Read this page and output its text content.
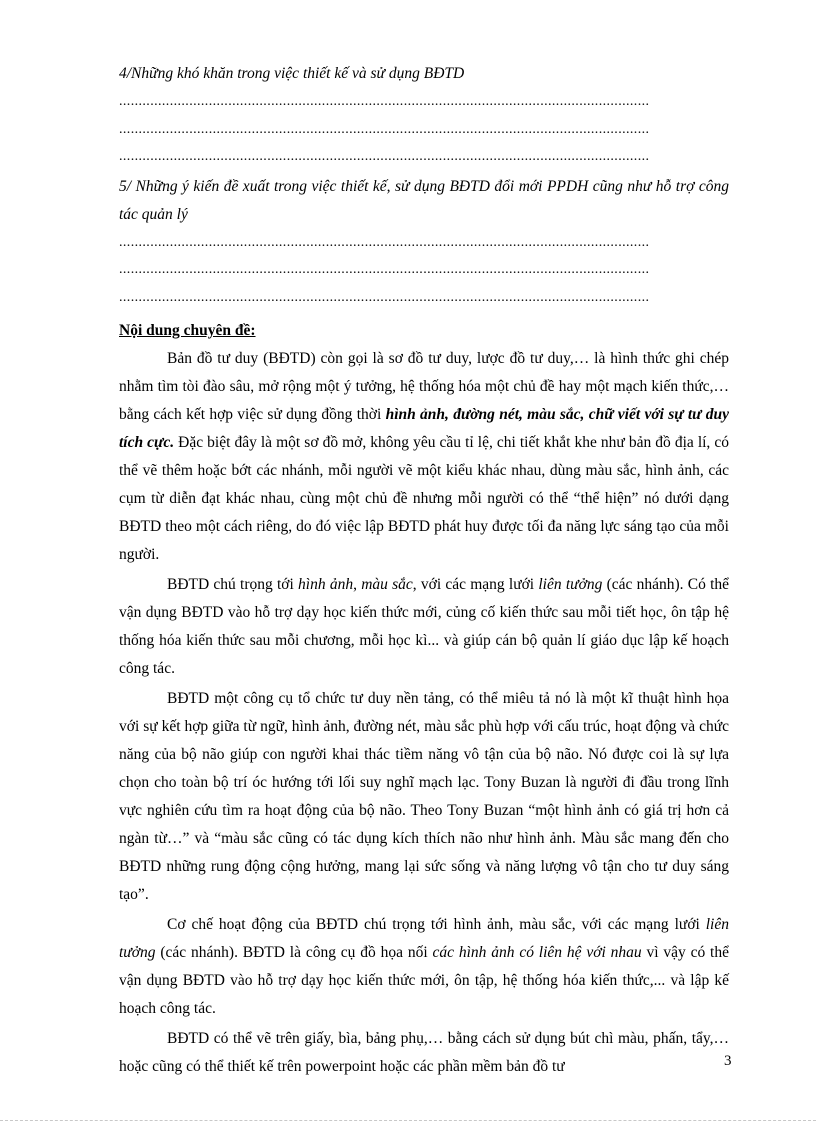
4/Những khó khăn trong việc thiết kế và sử dụng BĐTD

........................................................................................................................................
........................................................................................................................................
........................................................................................................................................

5/ Những ý kiến đề xuất trong việc thiết kế, sử dụng BĐTD đổi mới PPDH cũng như hỗ trợ công tác quản lý

........................................................................................................................................
........................................................................................................................................
........................................................................................................................................
Nội dung chuyên đề:

Bản đồ tư duy (BĐTD) còn gọi là sơ đồ tư duy, lược đồ tư duy,… là hình thức ghi chép nhằm tìm tòi đào sâu, mở rộng một ý tưởng, hệ thống hóa một chủ đề hay một mạch kiến thức,… bằng cách kết hợp việc sử dụng đồng thời hình ảnh, đường nét, màu sắc, chữ viết với sự tư duy tích cực. Đặc biệt đây là một sơ đồ mở, không yêu cầu tỉ lệ, chi tiết khắt khe như bản đồ địa lí, có thể vẽ thêm hoặc bớt các nhánh, mỗi người vẽ một kiểu khác nhau, dùng màu sắc, hình ảnh, các cụm từ diễn đạt khác nhau, cùng một chủ đề nhưng mỗi người có thể “thể hiện” nó dưới dạng BĐTD theo một cách riêng, do đó việc lập BĐTD phát huy được tối đa năng lực sáng tạo của mỗi người.

BĐTD chú trọng tới hình ảnh, màu sắc, với các mạng lưới liên tưởng (các nhánh). Có thể vận dụng BĐTD vào hỗ trợ dạy học kiến thức mới, củng cố kiến thức sau mỗi tiết học, ôn tập hệ thống hóa kiến thức sau mỗi chương, mỗi học kì... và giúp cán bộ quản lí giáo dục lập kế hoạch công tác.

BĐTD một công cụ tổ chức tư duy nền tảng, có thể miêu tả nó là một kĩ thuật hình họa với sự kết hợp giữa từ ngữ, hình ảnh, đường nét, màu sắc phù hợp với cấu trúc, hoạt động và chức năng của bộ não giúp con người khai thác tiềm năng vô tận của bộ não. Nó được coi là sự lựa chọn cho toàn bộ trí óc hướng tới lối suy nghĩ mạch lạc. Tony Buzan là người đi đầu trong lĩnh vực nghiên cứu tìm ra hoạt động của bộ não. Theo Tony Buzan “một hình ảnh có giá trị hơn cả ngàn từ…” và “màu sắc cũng có tác dụng kích thích não như hình ảnh. Màu sắc mang đến cho BĐTD những rung động cộng hưởng, mang lại sức sống và năng lượng vô tận cho tư duy sáng tạo”.

Cơ chế hoạt động của BĐTD chú trọng tới hình ảnh, màu sắc, với các mạng lưới liên tưởng (các nhánh). BĐTD là công cụ đồ họa nối các hình ảnh có liên hệ với nhau vì vậy có thể vận dụng BĐTD vào hỗ trợ dạy học kiến thức mới, ôn tập, hệ thống hóa kiến thức,... và lập kế hoạch công tác.

BĐTD có thể vẽ trên giấy, bìa, bảng phụ,… bằng cách sử dụng bút chì màu, phấn, tẩy,… hoặc cũng có thể thiết kế trên powerpoint hoặc các phần mềm bản đồ tư	3
